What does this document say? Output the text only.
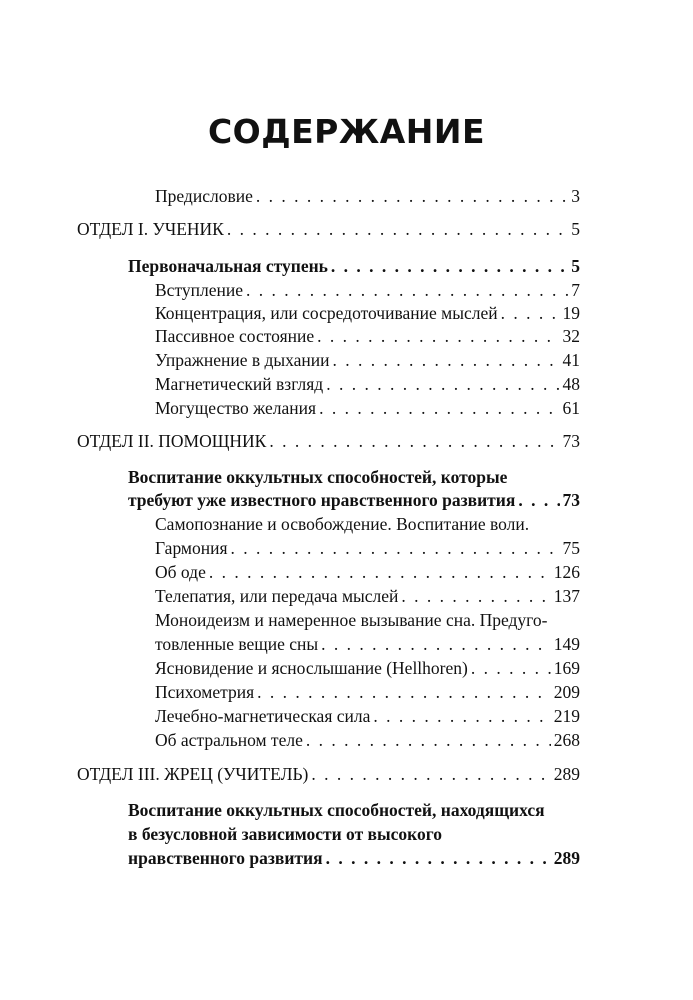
СОДЕРЖАНИЕ
Предисловие . . .	3
ОТДЕЛ I. УЧЕНИК . . .	5
Первоначальная ступень . . .	5
Вступление . . .	7
Концентрация, или сосредоточивание мыслей . . .	19
Пассивное состояние . . .	32
Упражнение в дыхании . . .	41
Магнетический взгляд . . .	48
Могущество желания . . .	61
ОТДЕЛ II. ПОМОЩНИК . . .	73
Воспитание оккультных способностей, которые
требуют уже известного нравственного развития . . .	73
Самопознание и освобождение. Воспитание воли.
Гармония . . .	75
Об оде . . .	126
Телепатия, или передача мыслей . . .	137
Моноидеизм и намеренное вызывание сна. Предуго-
товленные вещие сны . . .	149
Ясновидение и яснослышание (Hellhoren) . . .	169
Психометрия . . .	209
Лечебно-магнетическая сила . . .	219
Об астральном теле . . .	268
ОТДЕЛ III. ЖРЕЦ (УЧИТЕЛЬ) . . .	289
Воспитание оккультных способностей, находящихся
в безусловной зависимости от высокого
нравственного развития . . .	289
